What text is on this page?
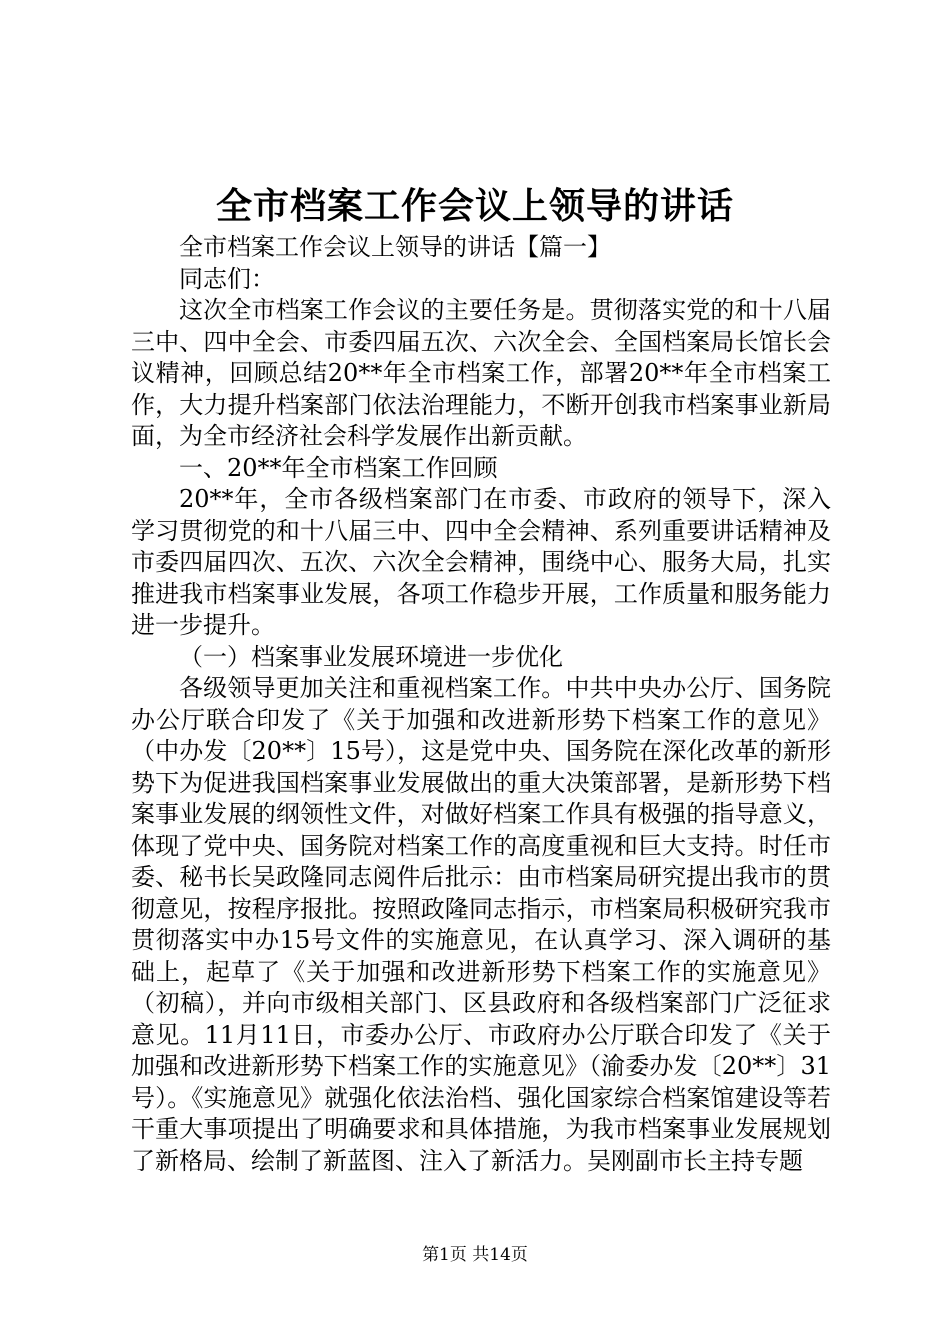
全市档案工作会议上领导的讲话

全市档案工作会议上领导的讲话【篇一】

同志们：

这次全市档案工作会议的主要任务是。贯彻落实党的和十八届三中、四中全会、市委四届五次、六次全会、全国档案局长馆长会议精神，回顾总结20**年全市档案工作，部署20**年全市档案工作，大力提升档案部门依法治理能力，不断开创我市档案事业新局面，为全市经济社会科学发展作出新贡献。

一、20**年全市档案工作回顾

20**年，全市各级档案部门在市委、市政府的领导下，深入学习贯彻党的和十八届三中、四中全会精神、系列重要讲话精神及市委四届四次、五次、六次全会精神，围绕中心、服务大局，扎实推进我市档案事业发展，各项工作稳步开展，工作质量和服务能力进一步提升。

（一）档案事业发展环境进一步优化

各级领导更加关注和重视档案工作。中共中央办公厅、国务院办公厅联合印发了《关于加强和改进新形势下档案工作的意见》（中办发〔20**〕15号），这是党中央、国务院在深化改革的新形势下为促进我国档案事业发展做出的重大决策部署，是新形势下档案事业发展的纲领性文件，对做好档案工作具有极强的指导意义，体现了党中央、国务院对档案工作的高度重视和巨大支持。时任市委、秘书长吴政隆同志阅件后批示：由市档案局研究提出我市的贯彻意见，按程序报批。按照政隆同志指示，市档案局积极研究我市贯彻落实中办15号文件的实施意见，在认真学习、深入调研的基础上，起草了《关于加强和改进新形势下档案工作的实施意见》（初稿），并向市级相关部门、区县政府和各级档案部门广泛征求意见。11月11日，市委办公厅、市政府办公厅联合印发了《关于加强和改进新形势下档案工作的实施意见》（渝委办发〔20**〕31号）。《实施意见》就强化依法治档、强化国家综合档案馆建设等若干重大事项提出了明确要求和具体措施，为我市档案事业发展规划了新格局、绘制了新蓝图、注入了新活力。吴刚副市长主持专题

第1页 共14页
